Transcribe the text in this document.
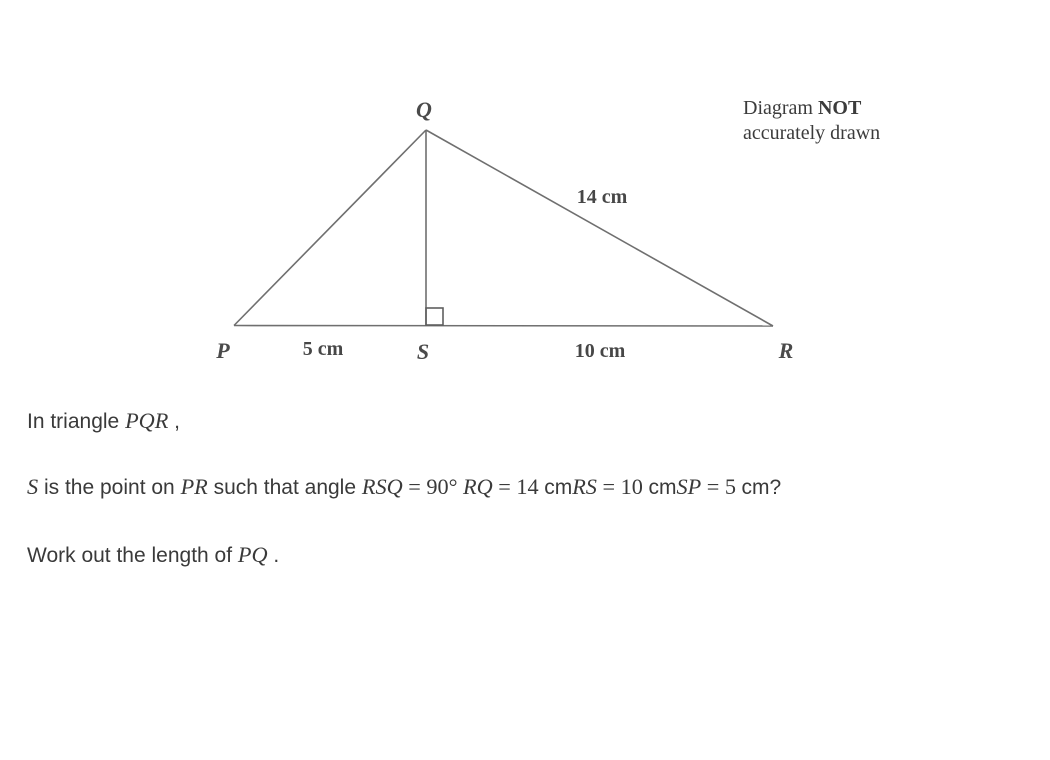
Q
P	S	R
5 cm	10 cm
14 cm
Diagram NOT
accurately drawn
In triangle PQR ,
S is the point on PR such that angle RSQ = 90° RQ = 14 cmRS = 10 cmSP = 5 cm?
Work out the length of PQ .
